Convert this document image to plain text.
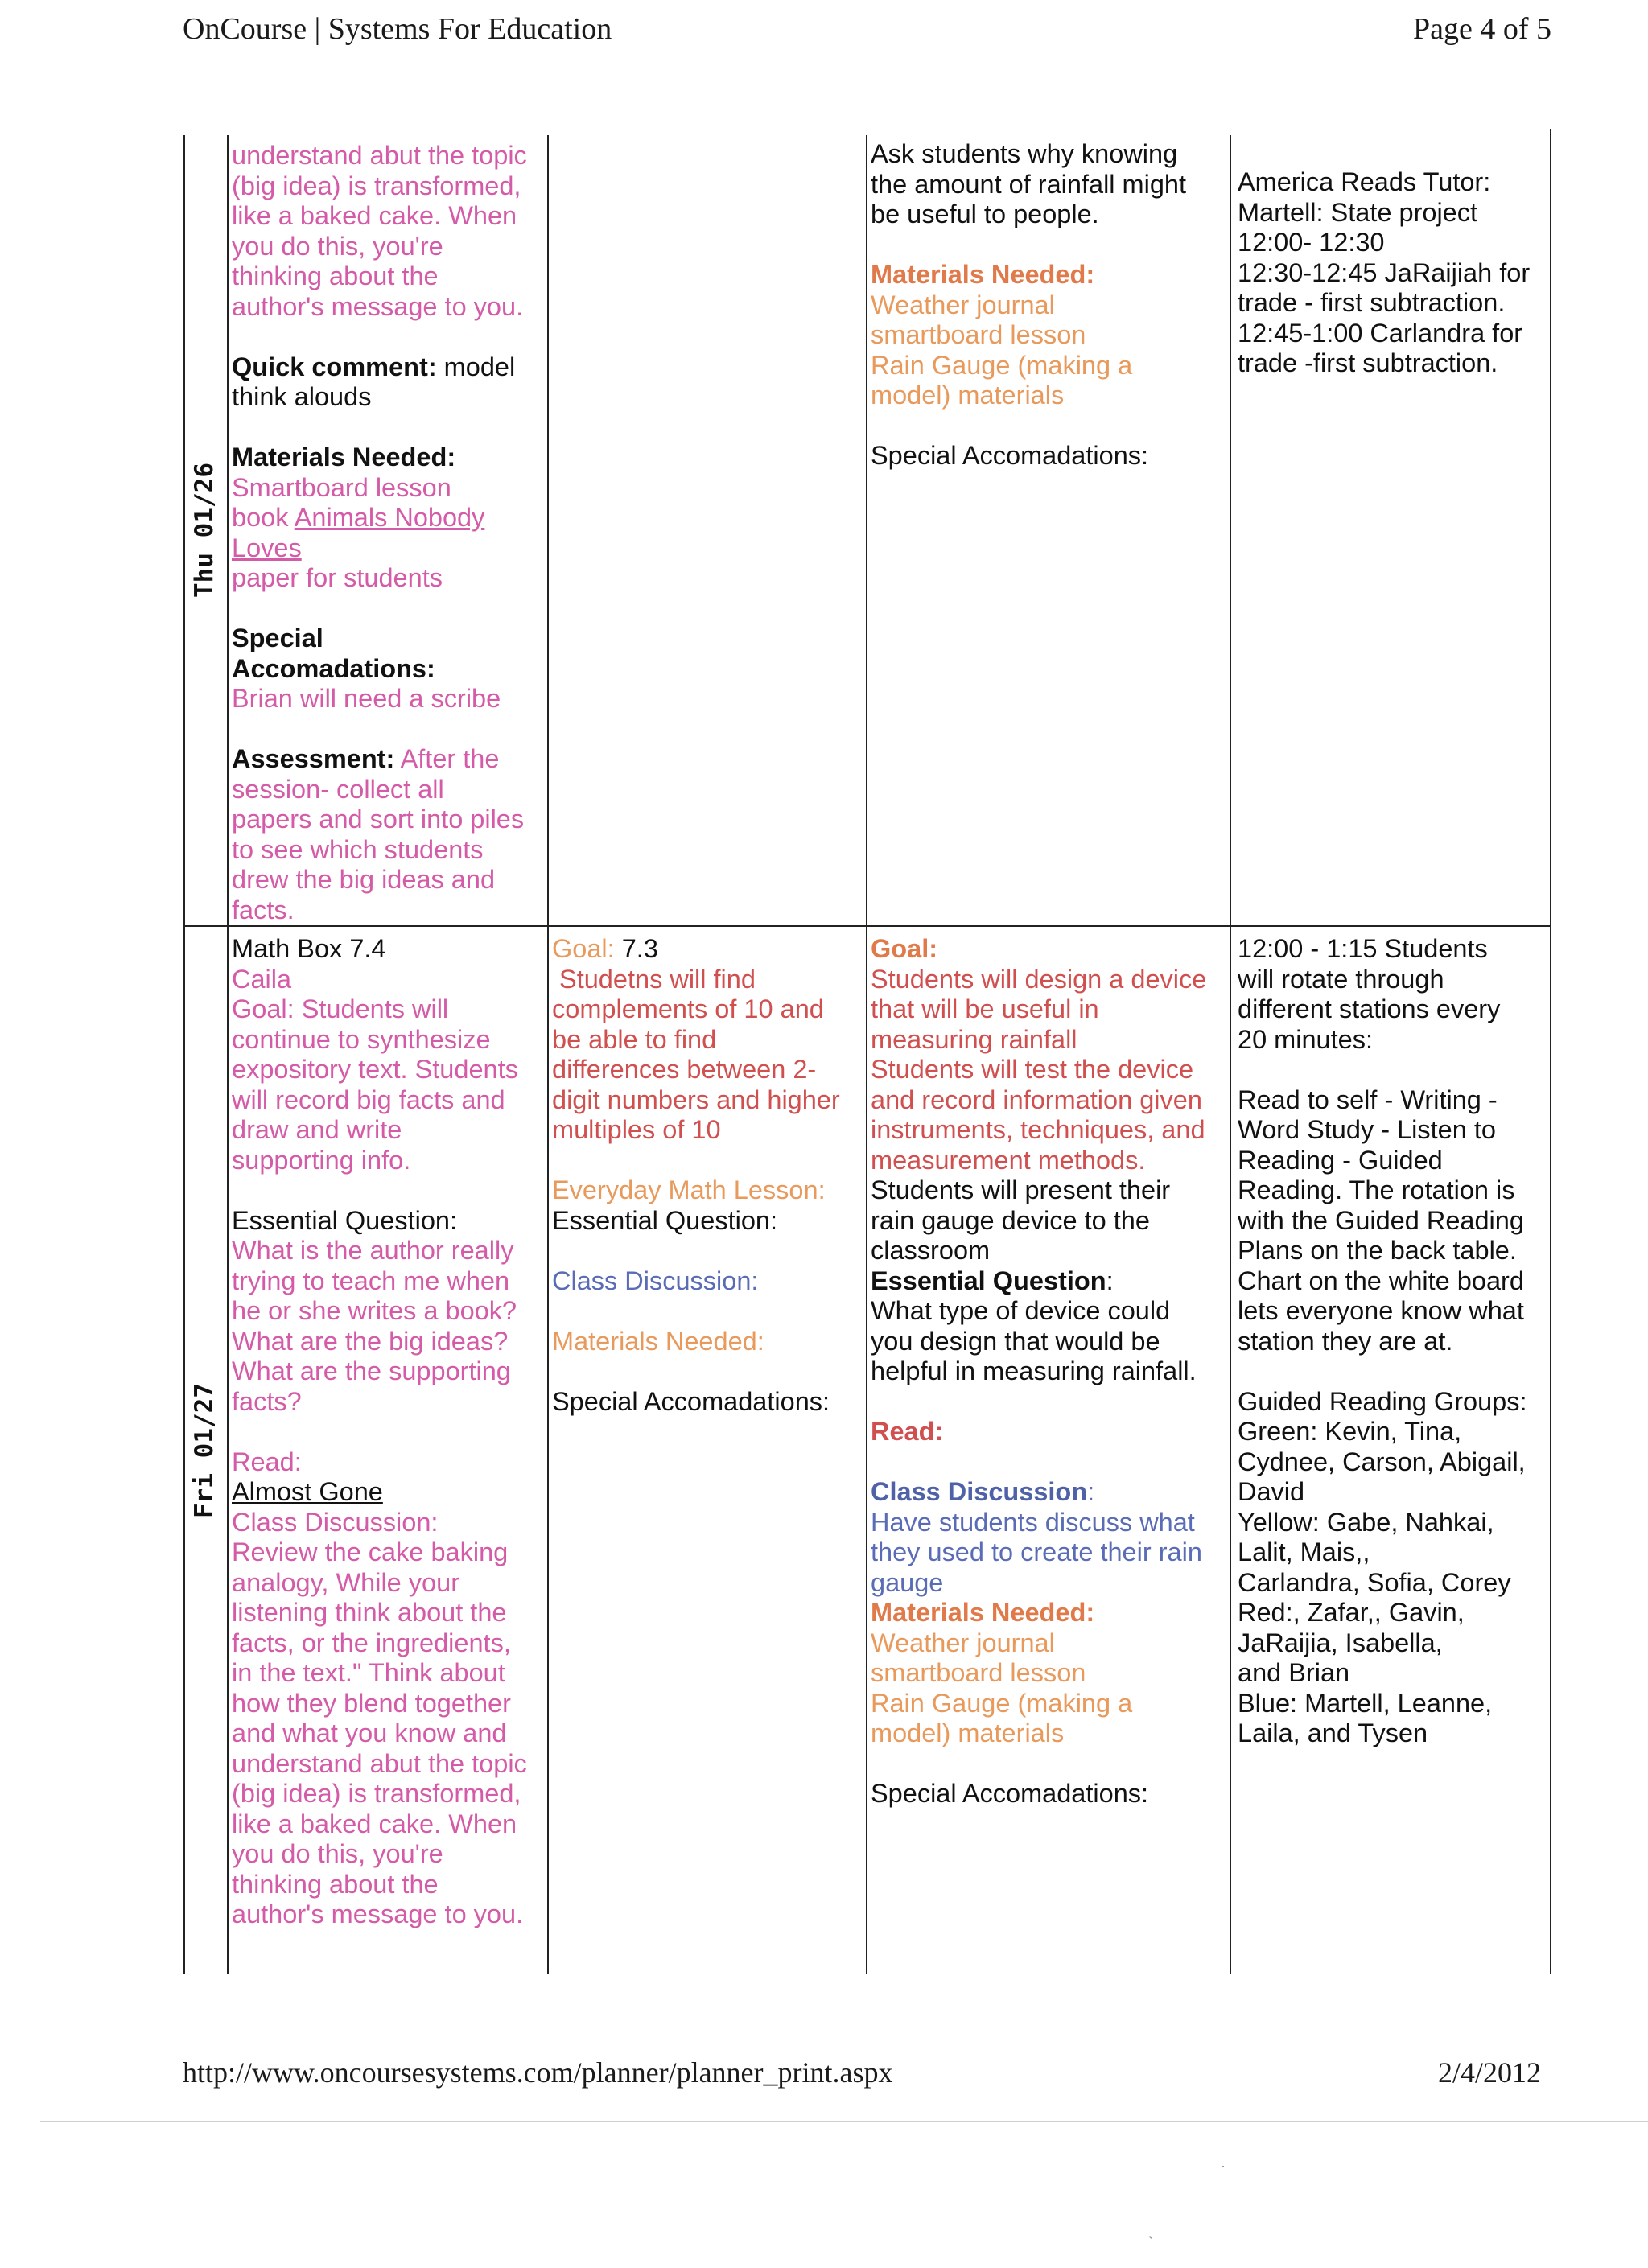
OnCourse | Systems For Education	Page 4 of 5
Thu 01/26

understand abut the topic

(big idea) is transformed,

like a baked cake. When

you do this, you're

thinking about the

author's message to you.

Quick comment: model

think alouds

Materials Needed:

Smartboard lesson

book Animals Nobody

Loves

paper for students

Special

Accomadations:

Brian will need a scribe

Assessment: After the

session- collect all

papers and sort into piles

to see which students

drew the big ideas and

facts.

Ask students why knowing

the amount of rainfall might

be useful to people.

Materials Needed:

Weather journal

smartboard lesson

Rain Gauge (making a

model) materials

Special Accomadations:

America Reads Tutor:

Martell: State project

12:00- 12:30

12:30-12:45 JaRaijiah for

trade - first subtraction.

12:45-1:00 Carlandra for

trade -first subtraction.

Fri 01/27

Math Box 7.4

Caila

Goal: Students will

continue to synthesize

expository text. Students

will record big facts and

draw and write

supporting info.

Essential Question:

What is the author really

trying to teach me when

he or she writes a book?

What are the big ideas?

What are the supporting

facts?

Read:

Almost Gone

Class Discussion:

Review the cake baking

analogy, While your

listening think about the

facts, or the ingredients,

in the text." Think about

how they blend together

and what you know and

understand abut the topic

(big idea) is transformed,

like a baked cake. When

you do this, you're

thinking about the

author's message to you.

Goal: 7.3

Studetns will find

complements of 10 and

be able to find

differences between 2-

digit numbers and higher

multiples of 10

Everyday Math Lesson:

Essential Question:

Class Discussion:

Materials Needed:

Special Accomadations:

Goal:

Students will design a device

that will be useful in

measuring rainfall

Students will test the device

and record information given

instruments, techniques, and

measurement methods.

Students will present their

rain gauge device to the

classroom

Essential Question:

What type of device could

you design that would be

helpful in measuring rainfall.

Read:

Class Discussion:

Have students discuss what

they used to create their rain

gauge

Materials Needed:

Weather journal

smartboard lesson

Rain Gauge (making a

model) materials

Special Accomadations:

12:00 - 1:15 Students

will rotate through

different stations every

20 minutes:

Read to self - Writing -

Word Study - Listen to

Reading - Guided

Reading. The rotation is

with the Guided Reading

Plans on the back table.

Chart on the white board

lets everyone know what

station they are at.

Guided Reading Groups:

Green: Kevin, Tina,

Cydnee, Carson, Abigail,

David

Yellow: Gabe, Nahkai,

Lalit, Mais,,

Carlandra, Sofia, Corey

Red:, Zafar,, Gavin,

JaRaijia, Isabella,

and Brian

Blue: Martell, Leanne,

Laila, and Tysen

http://www.oncoursesystems.com/planner/planner_print.aspx	2/4/2012
